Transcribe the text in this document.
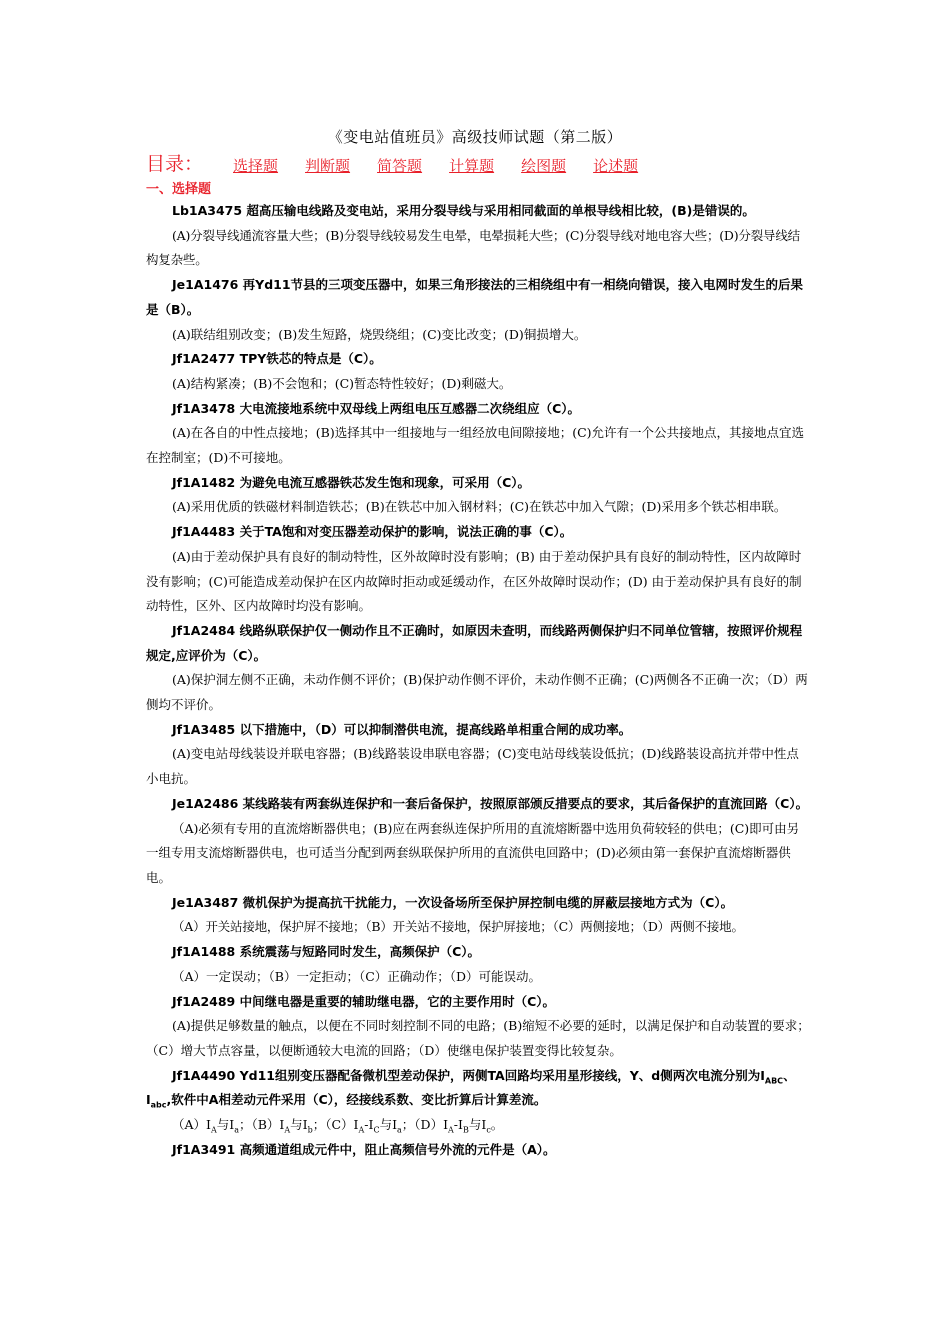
《变电站值班员》高级技师试题（第二版）
目录： 选择题 判断题 简答题 计算题 绘图题 论述题
一、选择题

Lb1A3475 超高压输电线路及变电站，采用分裂导线与采用相同截面的单根导线相比较，(B)是错误的。

(A)分裂导线通流容量大些；(B)分裂导线较易发生电晕，电晕损耗大些；(C)分裂导线对地电容大些；(D)分裂导线结构复杂些。

Je1A1476 再Yd11节县的三项变压器中，如果三角形接法的三相绕组中有一相绕向错误，接入电网时发生的后果是（B）。

(A)联结组别改变；(B)发生短路，烧毁绕组；(C)变比改变；(D)铜损增大。

Jf1A2477 TPY铁芯的特点是（C）。

(A)结构紧凑；(B)不会饱和；(C)暂态特性较好；(D)剩磁大。

Jf1A3478 大电流接地系统中双母线上两组电压互感器二次绕组应（C）。

(A)在各自的中性点接地；(B)选择其中一组接地与一组经放电间隙接地；(C)允许有一个公共接地点，其接地点宜选在控制室；(D)不可接地。

Jf1A1482 为避免电流互感器铁芯发生饱和现象，可采用（C）。

(A)采用优质的铁磁材料制造铁芯；(B)在铁芯中加入钢材料；(C)在铁芯中加入气隙；(D)采用多个铁芯相串联。

Jf1A4483 关于TA饱和对变压器差动保护的影响，说法正确的事（C）。

(A)由于差动保护具有良好的制动特性，区外故障时没有影响；(B) 由于差动保护具有良好的制动特性，区内故障时没有影响；(C)可能造成差动保护在区内故障时拒动或延缓动作，在区外故障时误动作；(D) 由于差动保护具有良好的制动特性，区外、区内故障时均没有影响。

Jf1A2484 线路纵联保护仅一侧动作且不正确时，如原因未查明，而线路两侧保护归不同单位管辖，按照评价规程规定,应评价为（C）。

(A)保护洞左侧不正确，未动作侧不评价；(B)保护动作侧不评价，未动作侧不正确；(C)两侧各不正确一次；（D）两侧均不评价。

Jf1A3485 以下措施中，（D）可以抑制潜供电流，提高线路单相重合闸的成功率。

(A)变电站母线装设并联电容器；(B)线路装设串联电容器；(C)变电站母线装设低抗；(D)线路装设高抗并带中性点小电抗。

Je1A2486 某线路装有两套纵连保护和一套后备保护，按照原部颁反措要点的要求，其后备保护的直流回路（C）。

（A)必须有专用的直流熔断器供电；(B)应在两套纵连保护所用的直流熔断器中选用负荷较轻的供电；(C)即可由另一组专用支流熔断器供电，也可适当分配到两套纵联保护所用的直流供电回路中；(D)必须由第一套保护直流熔断器供电。

Je1A3487 微机保护为提高抗干扰能力，一次设备场所至保护屏控制电缆的屏蔽层接地方式为（C）。

（A）开关站接地，保护屏不接地；（B）开关站不接地，保护屏接地；（C）两侧接地；（D）两侧不接地。

Jf1A1488 系统震荡与短路同时发生，高频保护（C）。

（A）一定误动；（B）一定拒动；（C）正确动作；（D）可能误动。

Jf1A2489 中间继电器是重要的辅助继电器，它的主要作用时（C）。

(A)提供足够数量的触点，以便在不同时刻控制不同的电路；(B)缩短不必要的延时，以满足保护和自动装置的要求；（C）增大节点容量，以便断通较大电流的回路；（D）使继电保护装置变得比较复杂。

Jf1A4490 Yd11组别变压器配备微机型差动保护，两侧TA回路均采用星形接线，Y、d侧两次电流分别为$I_{ABC}$、$I_{abc}$,软件中A相差动元件采用（C），经接线系数、变比折算后计算差流。

$(A)I_A$与$I_a$；$(B)I_A$与$I_b$；$(C)I_A-I_C$与$I_a$；$(D)I_A-I_B$与$I_c$。

Jf1A3491 高频通道组成元件中，阻止高频信号外流的元件是（A）。
